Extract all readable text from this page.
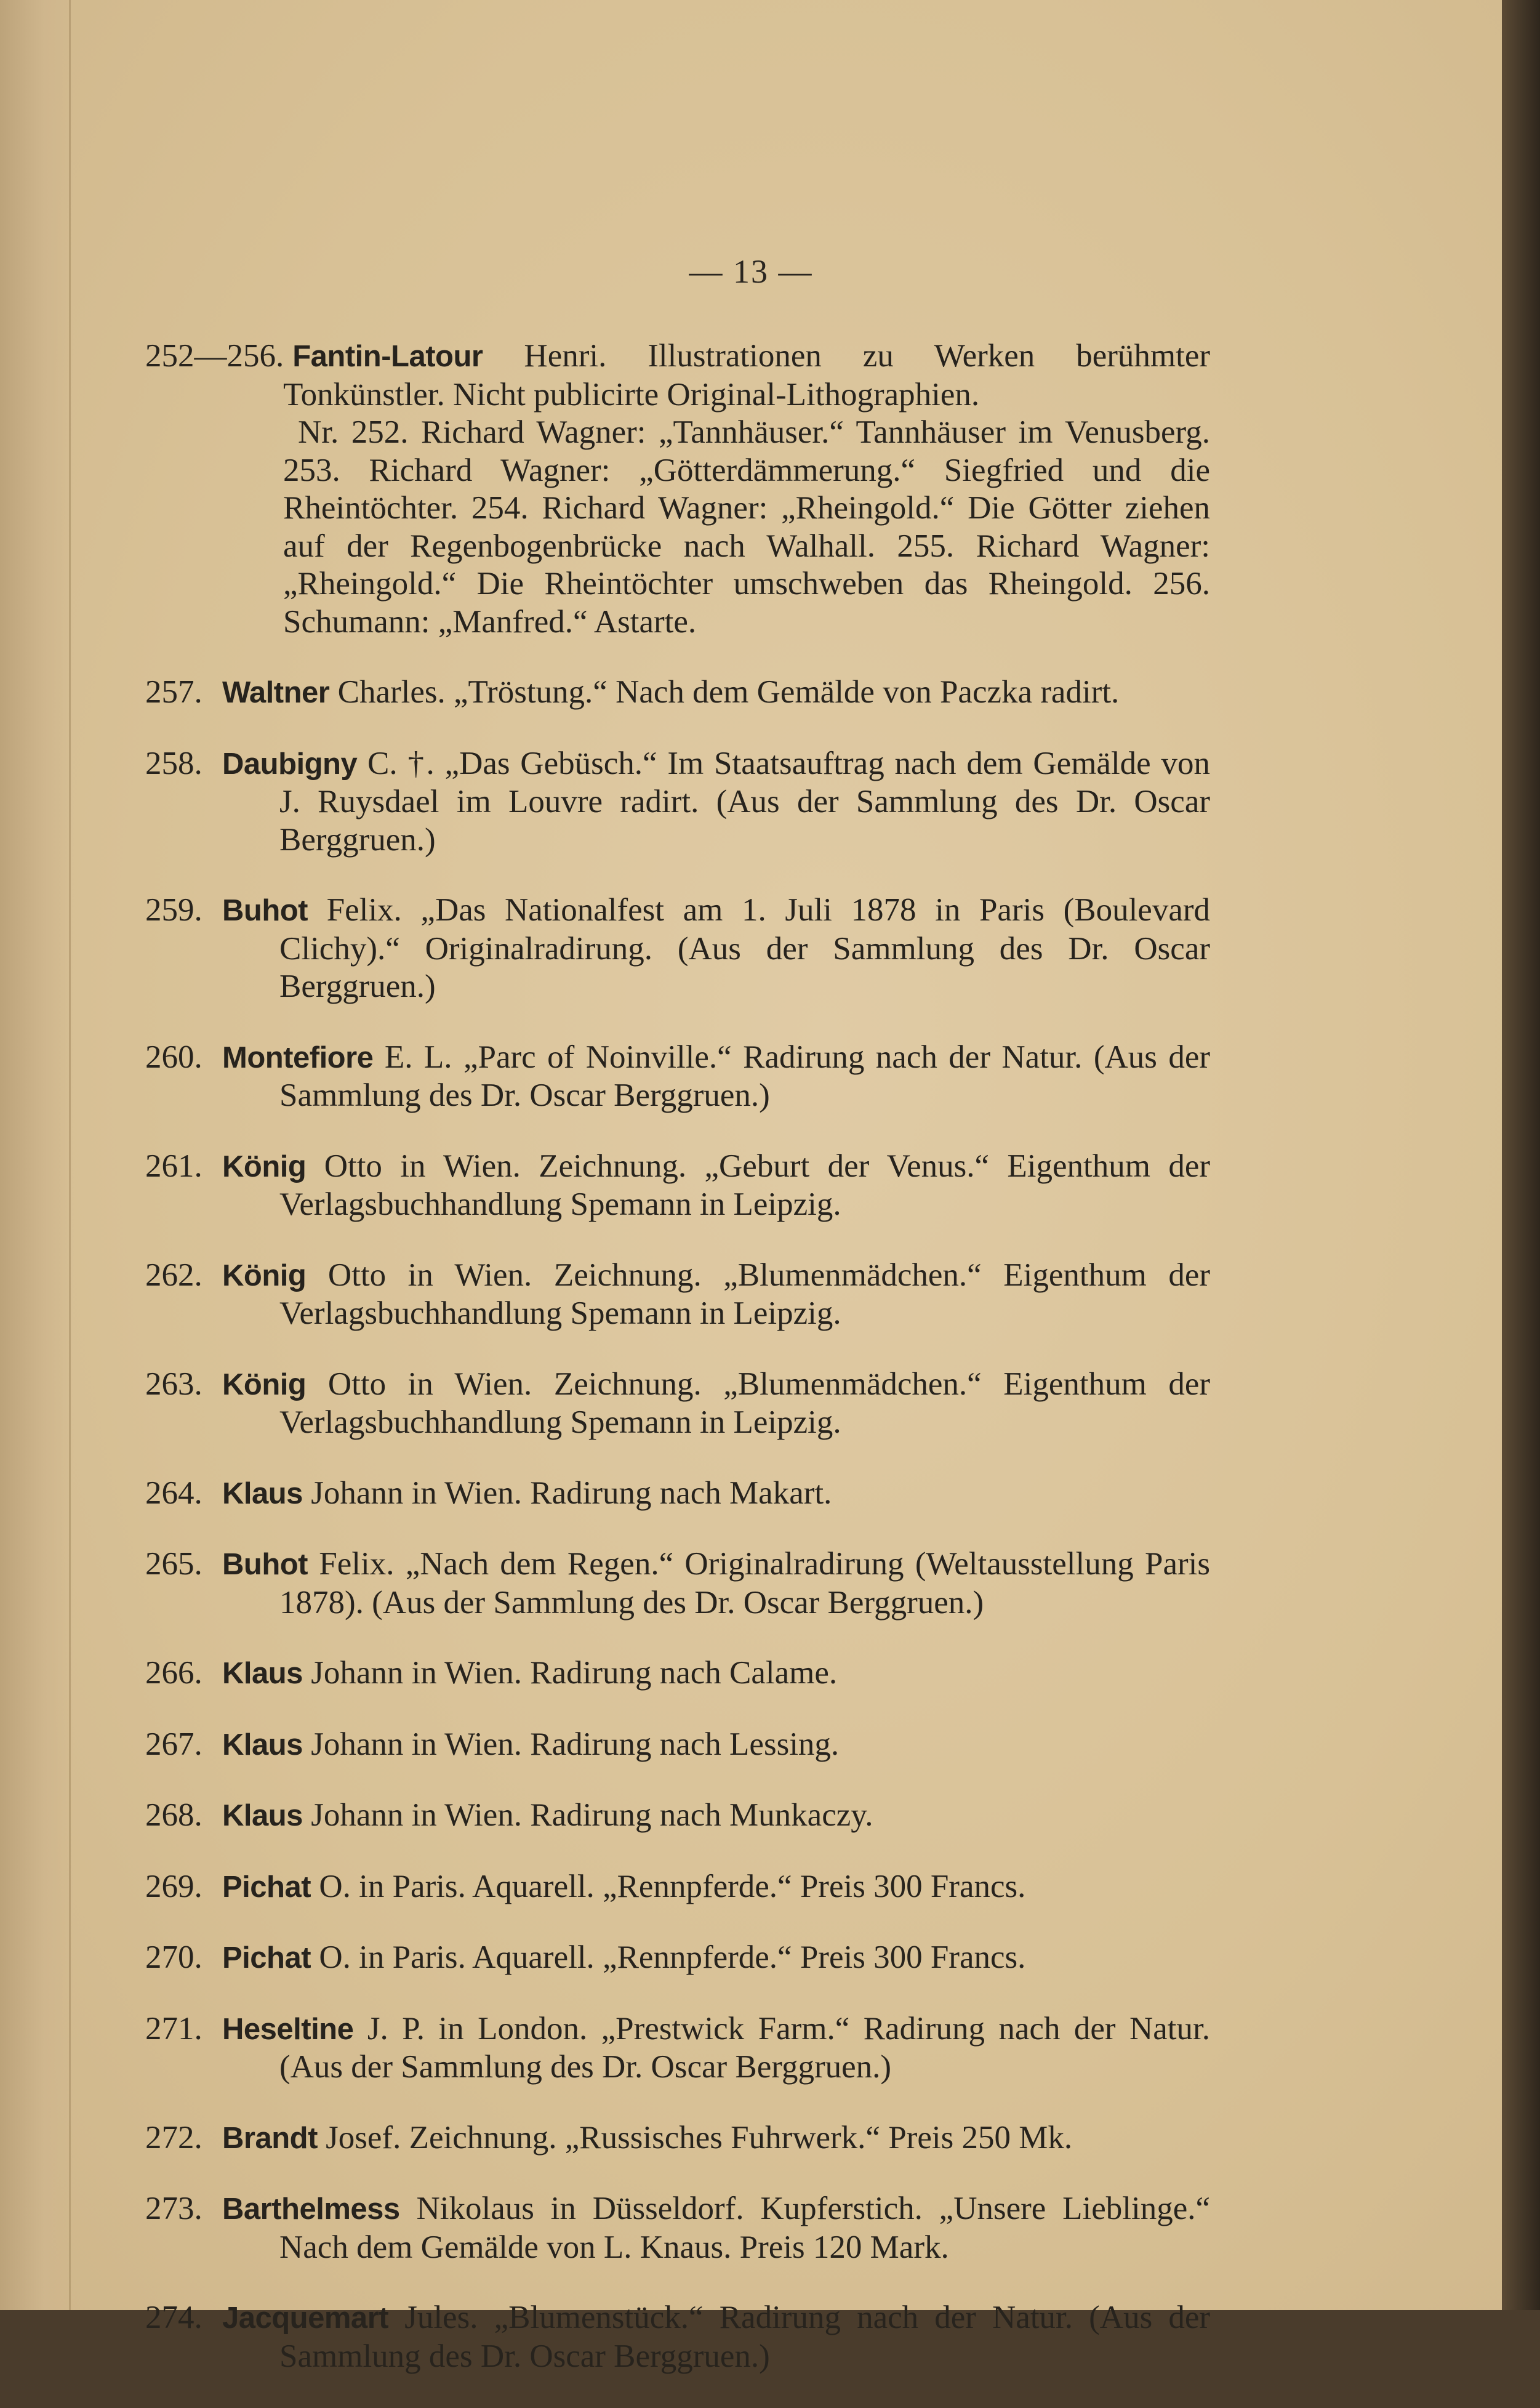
— 13 —

252—256. Fantin-Latour Henri. Illustrationen zu Werken berühmter Tonkünstler. Nicht publicirte Original-Lithographien.
Nr. 252. Richard Wagner: „Tannhäuser.“ Tannhäuser im Venusberg. 253. Richard Wagner: „Götterdämmerung.“ Siegfried und die Rheintöchter. 254. Richard Wagner: „Rheingold.“ Die Götter ziehen auf der Regenbogenbrücke nach Walhall. 255. Richard Wagner: „Rheingold.“ Die Rheintöchter umschweben das Rheingold. 256. Schumann: „Manfred.“ Astarte.

257. Waltner Charles. „Tröstung.“ Nach dem Gemälde von Paczka radirt.

258. Daubigny C. †. „Das Gebüsch.“ Im Staatsauftrag nach dem Gemälde von J. Ruysdael im Louvre radirt. (Aus der Sammlung des Dr. Oscar Berggruen.)

259. Buhot Felix. „Das Nationalfest am 1. Juli 1878 in Paris (Boulevard Clichy).“ Originalradirung. (Aus der Sammlung des Dr. Oscar Berggruen.)

260. Montefiore E. L. „Parc of Noinville.“ Radirung nach der Natur. (Aus der Sammlung des Dr. Oscar Berggruen.)

261. König Otto in Wien. Zeichnung. „Geburt der Venus.“ Eigenthum der Verlagsbuchhandlung Spemann in Leipzig.

262. König Otto in Wien. Zeichnung. „Blumenmädchen.“ Eigenthum der Verlagsbuchhandlung Spemann in Leipzig.

263. König Otto in Wien. Zeichnung. „Blumenmädchen.“ Eigenthum der Verlagsbuchhandlung Spemann in Leipzig.

264. Klaus Johann in Wien. Radirung nach Makart.

265. Buhot Felix. „Nach dem Regen.“ Originalradirung (Weltausstellung Paris 1878). (Aus der Sammlung des Dr. Oscar Berggruen.)

266. Klaus Johann in Wien. Radirung nach Calame.

267. Klaus Johann in Wien. Radirung nach Lessing.

268. Klaus Johann in Wien. Radirung nach Munkaczy.

269. Pichat O. in Paris. Aquarell. „Rennpferde.“ Preis 300 Francs.

270. Pichat O. in Paris. Aquarell. „Rennpferde.“ Preis 300 Francs.

271. Heseltine J. P. in London. „Prestwick Farm.“ Radirung nach der Natur. (Aus der Sammlung des Dr. Oscar Berggruen.)

272. Brandt Josef. Zeichnung. „Russisches Fuhrwerk.“ Preis 250 Mk.

273. Barthelmess Nikolaus in Düsseldorf. Kupferstich. „Unsere Lieblinge.“ Nach dem Gemälde von L. Knaus. Preis 120 Mark.

274. Jacquemart Jules. „Blumenstück.“ Radirung nach der Natur. (Aus der Sammlung des Dr. Oscar Berggruen.)
